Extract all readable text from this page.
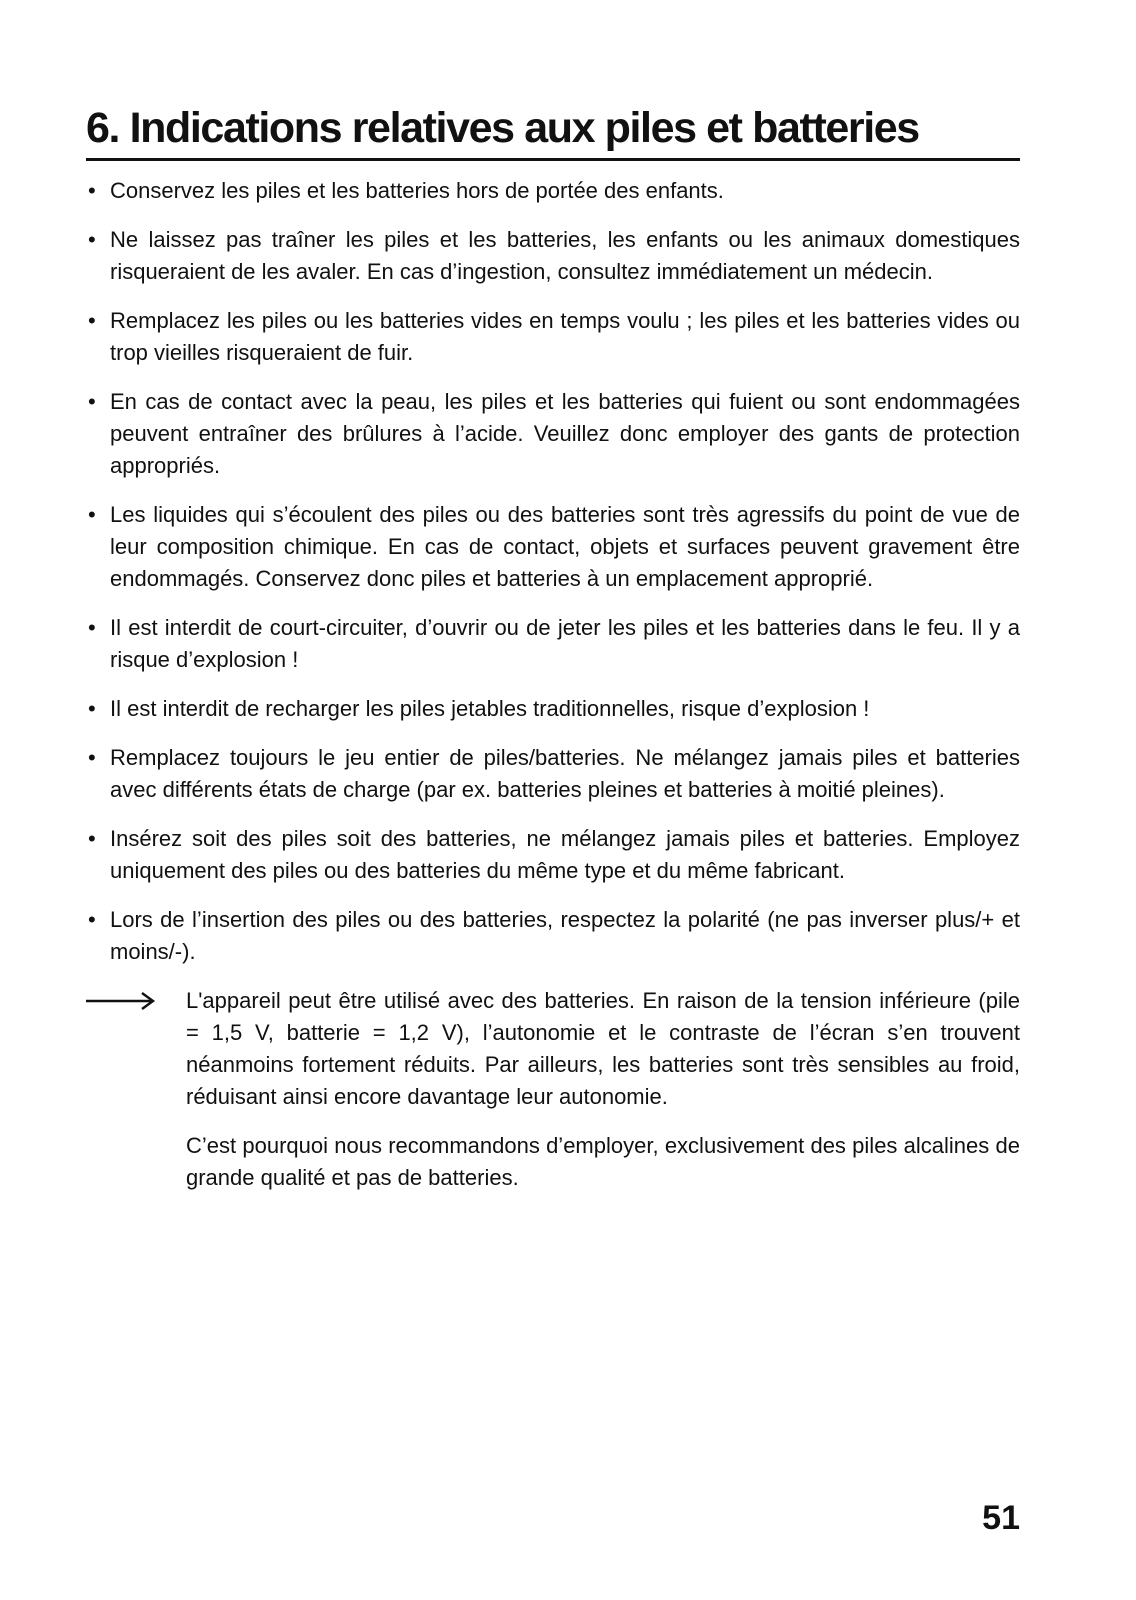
6. Indications relatives aux piles et batteries
• Conservez les piles et les batteries hors de portée des enfants.
• Ne laissez pas traîner les piles et les batteries, les enfants ou les animaux domestiques risqueraient de les avaler. En cas d’ingestion, consultez immédiatement un médecin.
• Remplacez les piles ou les batteries vides en temps voulu ; les piles et les batteries vides ou trop vieilles risqueraient de fuir.
• En cas de contact avec la peau, les piles et les batteries qui fuient ou sont endommagées peuvent entraîner des brûlures à l’acide. Veuillez donc employer des gants de protection appropriés.
• Les liquides qui s’écoulent des piles ou des batteries sont très agressifs du point de vue de leur composition chimique. En cas de contact, objets et surfaces peuvent gravement être endommagés. Conservez donc piles et batteries à un emplacement approprié.
• Il est interdit de court-circuiter, d’ouvrir ou de jeter les piles et les batteries dans le feu. Il y a risque d’explosion !
• Il est interdit de recharger les piles jetables traditionnelles, risque d’explosion !
• Remplacez toujours le jeu entier de piles/batteries. Ne mélangez jamais piles et batteries avec différents états de charge (par ex. batteries pleines et batteries à moitié pleines).
• Insérez soit des piles soit des batteries, ne mélangez jamais piles et batteries. Employez uniquement des piles ou des batteries du même type et du même fabricant.
• Lors de l’insertion des piles ou des batteries, respectez la polarité (ne pas inverser plus/+ et moins/-).

L'appareil peut être utilisé avec des batteries. En raison de la tension inférieure (pile = 1,5 V, batterie = 1,2 V), l’autonomie et le contraste de l’écran s’en trouvent néanmoins fortement réduits. Par ailleurs, les batteries sont très sensibles au froid, réduisant ainsi encore davantage leur autonomie.

C’est pourquoi nous recommandons d’employer, exclusivement des piles alcalines de grande qualité et pas de batteries.

51
